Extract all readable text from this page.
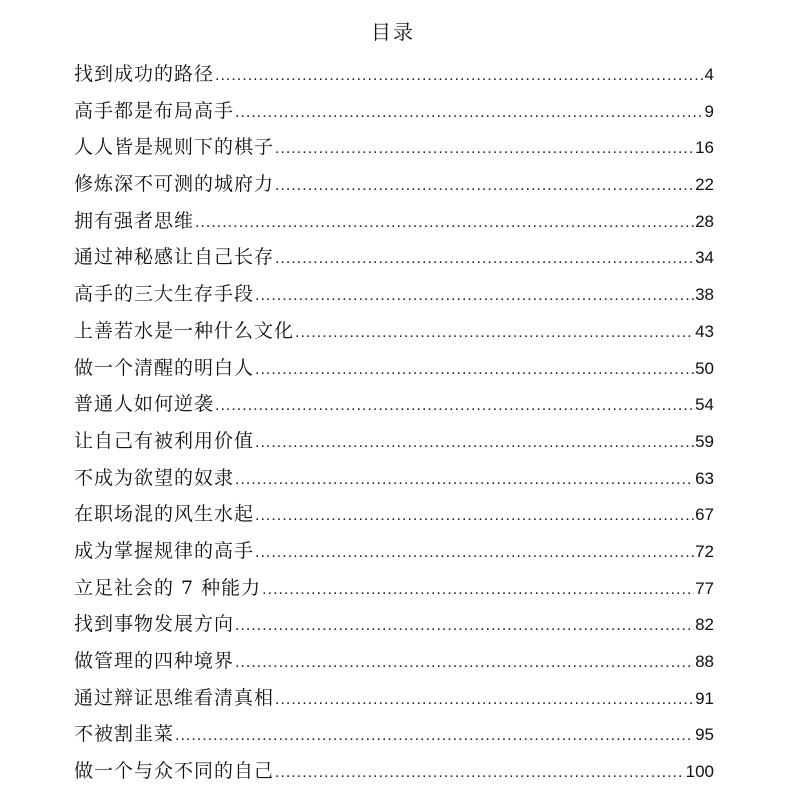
目录
找到成功的路径 .....	4
高手都是布局高手 .....	9
人人皆是规则下的棋子 .....	16
修炼深不可测的城府力 .....	22
拥有强者思维 .....	28
通过神秘感让自己长存 .....	34
高手的三大生存手段 .....	38
上善若水是一种什么文化 .....	43
做一个清醒的明白人 .....	50
普通人如何逆袭 .....	54
让自己有被利用价值 .....	59
不成为欲望的奴隶 .....	63
在职场混的风生水起 .....	67
成为掌握规律的高手 .....	72
立足社会的 7 种能力 .....	77
找到事物发展方向 .....	82
做管理的四种境界 .....	88
通过辩证思维看清真相 .....	91
不被割韭菜 .....	95
做一个与众不同的自己 .....	100
